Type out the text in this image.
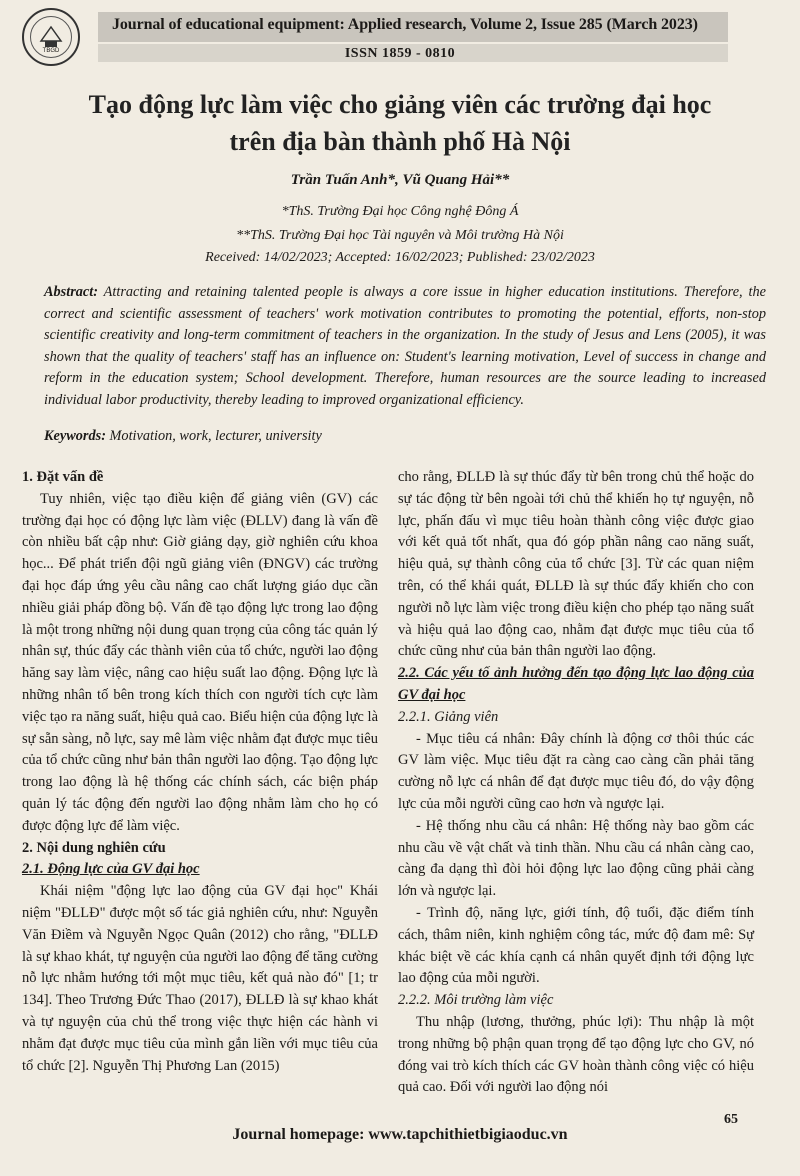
TBGD
Journal of educational equipment: Applied research, Volume 2, Issue 285 (March 2023)
ISSN 1859 - 0810
Tạo động lực làm việc cho giảng viên các trường đại học
trên địa bàn thành phố Hà Nội
Trần Tuấn Anh*, Vũ Quang Hải**
*ThS. Trường Đại học Công nghệ Đông Á
**ThS. Trường Đại học Tài nguyên và Môi trường Hà Nội
Received: 14/02/2023; Accepted: 16/02/2023; Published: 23/02/2023
Abstract: Attracting and retaining talented people is always a core issue in higher education institutions. Therefore, the correct and scientific assessment of teachers' work motivation contributes to promoting the potential, efforts, non-stop scientific creativity and long-term commitment of teachers in the organization. In the study of Jesus and Lens (2005), it was shown that the quality of teachers' staff has an influence on: Student's learning motivation, Level of success in change and reform in the education system; School development. Therefore, human resources are the source leading to increased individual labor productivity, thereby leading to improved organizational efficiency.
Keywords: Motivation, work, lecturer, university

1. Đặt vấn đề

Tuy nhiên, việc tạo điều kiện để giảng viên (GV) các trường đại học có động lực làm việc (ĐLLV) đang là vấn đề còn nhiều bất cập như: Giờ giảng dạy, giờ nghiên cứu khoa học... Để phát triển đội ngũ giảng viên (ĐNGV) các trường đại học đáp ứng yêu cầu nâng cao chất lượng giáo dục cần nhiều giải pháp đồng bộ. Vấn đề tạo động lực trong lao động là một trong những nội dung quan trọng của công tác quản lý nhân sự, thúc đẩy các thành viên của tổ chức, người lao động hăng say làm việc, nâng cao hiệu suất lao động. Động lực là những nhân tố bên trong kích thích con người tích cực làm việc tạo ra năng suất, hiệu quả cao. Biểu hiện của động lực là sự sẵn sàng, nỗ lực, say mê làm việc nhằm đạt được mục tiêu của tổ chức cũng như bản thân người lao động. Tạo động lực trong lao động là hệ thống các chính sách, các biện pháp quản lý tác động đến người lao động nhằm làm cho họ có được động lực để làm việc.

2. Nội dung nghiên cứu

2.1. Động lực của GV đại học

Khái niệm "động lực lao động của GV đại học" Khái niệm "ĐLLĐ" được một số tác giả nghiên cứu, như: Nguyễn Văn Điềm và Nguyễn Ngọc Quân (2012) cho rằng, "ĐLLĐ là sự khao khát, tự nguyện của người lao động để tăng cường nỗ lực nhằm hướng tới một mục tiêu, kết quả nào đó" [1; tr 134]. Theo Trương Đức Thao (2017), ĐLLĐ là sự khao khát và tự nguyện của chủ thể trong việc thực hiện các hành vi nhằm đạt được mục tiêu của mình gắn liền với mục tiêu của tổ chức [2]. Nguyễn Thị Phương Lan (2015)

cho rằng, ĐLLĐ là sự thúc đẩy từ bên trong chủ thể hoặc do sự tác động từ bên ngoài tới chủ thể khiến họ tự nguyện, nỗ lực, phấn đấu vì mục tiêu hoàn thành công việc được giao với kết quả tốt nhất, qua đó góp phần nâng cao năng suất, hiệu quả, sự thành công của tổ chức [3]. Từ các quan niệm trên, có thể khái quát, ĐLLĐ là sự thúc đẩy khiến cho con người nỗ lực làm việc trong điều kiện cho phép tạo năng suất và hiệu quả lao động cao, nhằm đạt được mục tiêu của tổ chức cũng như của bản thân người lao động.

2.2. Các yếu tố ảnh hưởng đến tạo động lực lao động của GV đại học

2.2.1. Giảng viên

- Mục tiêu cá nhân: Đây chính là động cơ thôi thúc các GV làm việc. Mục tiêu đặt ra càng cao càng cần phải tăng cường nỗ lực cá nhân để đạt được mục tiêu đó, do vậy động lực của mỗi người cũng cao hơn và ngược lại.

- Hệ thống nhu cầu cá nhân: Hệ thống này bao gồm các nhu cầu về vật chất và tinh thần. Nhu cầu cá nhân càng cao, càng đa dạng thì đòi hỏi động lực lao động cũng phải càng lớn và ngược lại.

- Trình độ, năng lực, giới tính, độ tuổi, đặc điểm tính cách, thâm niên, kinh nghiệm công tác, mức độ đam mê: Sự khác biệt về các khía cạnh cá nhân quyết định tới động lực lao động của mỗi người.

2.2.2. Môi trường làm việc

Thu nhập (lương, thưởng, phúc lợi): Thu nhập là một trong những bộ phận quan trọng để tạo động lực cho GV, nó đóng vai trò kích thích các GV hoàn thành công việc có hiệu quả cao. Đối với người lao động nói

65
Journal homepage: www.tapchithietbigiaoduc.vn
